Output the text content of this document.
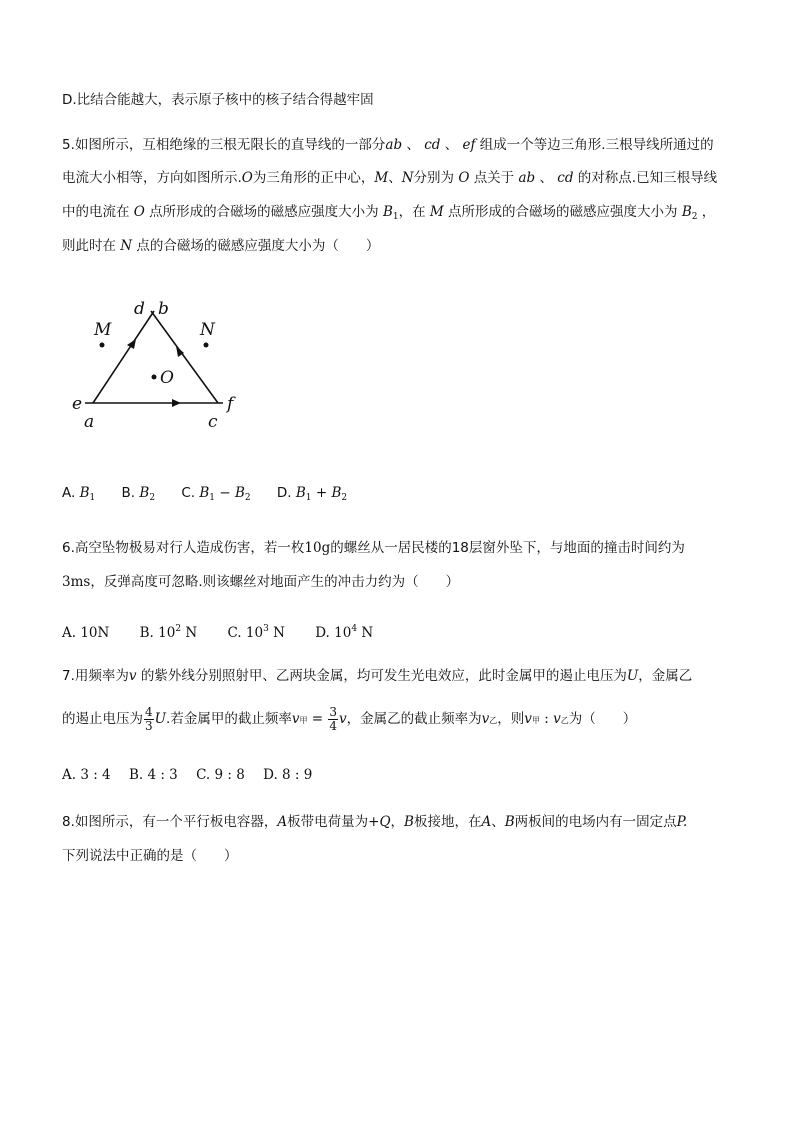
D.比结合能越大，表示原子核中的核子结合得越牢固
5.如图所示，互相绝缘的三根无限长的直导线的一部分ab 、 cd 、 ef 组成一个等边三角形.三根导线所通过的
电流大小相等，方向如图所示.O为三角形的正中心，M、N分别为 O 点关于 ab 、 cd 的对称点.已知三根导线
中的电流在 O 点所形成的合磁场的磁感应强度大小为 $B_1$，在 M 点所形成的合磁场的磁感应强度大小为 $B_2$ ，
则此时在 N 点的合磁场的磁感应强度大小为（　　）
d b
M	N
O
e	f
a	c
A. $B_1$ B. $B_2$ C. $B_1 - B_2$ D. $B_1 + B_2$
6.高空坠物极易对行人造成伤害，若一枚10g的螺丝从一居民楼的18层窗外坠下，与地面的撞击时间约为
3ms，反弹高度可忽略.则该螺丝对地面产生的冲击力约为（　　）
A. 10N B. $10^2$ N C. $10^3$ N D. $10^4$ N
7.用频率为v 的紫外线分别照射甲、乙两块金属，均可发生光电效应，此时金属甲的遏止电压为U，金属乙
的遏止电压为 $\frac{4}{3} U$.若金属甲的截止频率v甲 = $\frac{3}{4}$ v，金属乙的截止频率为v乙，则v甲 : v乙为（　　）
A. 3 : 4 B. 4 : 3 C. 9 : 8 D. 8 : 9
8.如图所示，有一个平行板电容器，A板带电荷量为+Q，B板接地，在A、B两板间的电场内有一固定点P.
下列说法中正确的是（　　）
